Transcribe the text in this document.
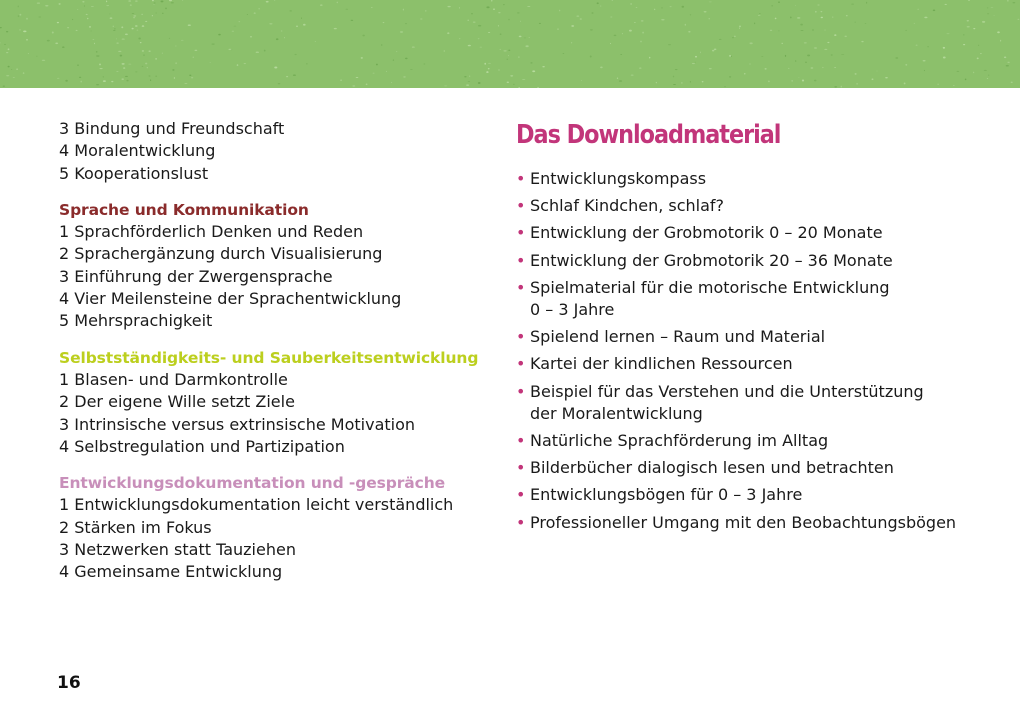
3 Bindung und Freundschaft
4 Moralentwicklung
5 Kooperationslust
Sprache und Kommunikation
1 Sprachförderlich Denken und Reden
2 Sprachergänzung durch Visualisierung
3 Einführung der Zwergensprache
4 Vier Meilensteine der Sprachentwicklung
5 Mehrsprachigkeit
Selbstständigkeits- und Sauberkeitsentwicklung
1 Blasen- und Darmkontrolle
2 Der eigene Wille setzt Ziele
3 Intrinsische versus extrinsische Motivation
4 Selbstregulation und Partizipation
Entwicklungsdokumentation und -gespräche
1 Entwicklungsdokumentation leicht verständlich
2 Stärken im Fokus
3 Netzwerken statt Tauziehen
4 Gemeinsame Entwicklung
Das Downloadmaterial
• Entwicklungskompass
• Schlaf Kindchen, schlaf?
• Entwicklung der Grobmotorik 0 – 20 Monate
• Entwicklung der Grobmotorik 20 – 36 Monate
• Spielmaterial für die motorische Entwicklung
0 – 3 Jahre
• Spielend lernen – Raum und Material
• Kartei der kindlichen Ressourcen
• Beispiel für das Verstehen und die Unterstützung
der Moralentwicklung
• Natürliche Sprachförderung im Alltag
• Bilderbücher dialogisch lesen und betrachten
• Entwicklungsbögen für 0 – 3 Jahre
• Professioneller Umgang mit den Beobachtungsbögen
16
